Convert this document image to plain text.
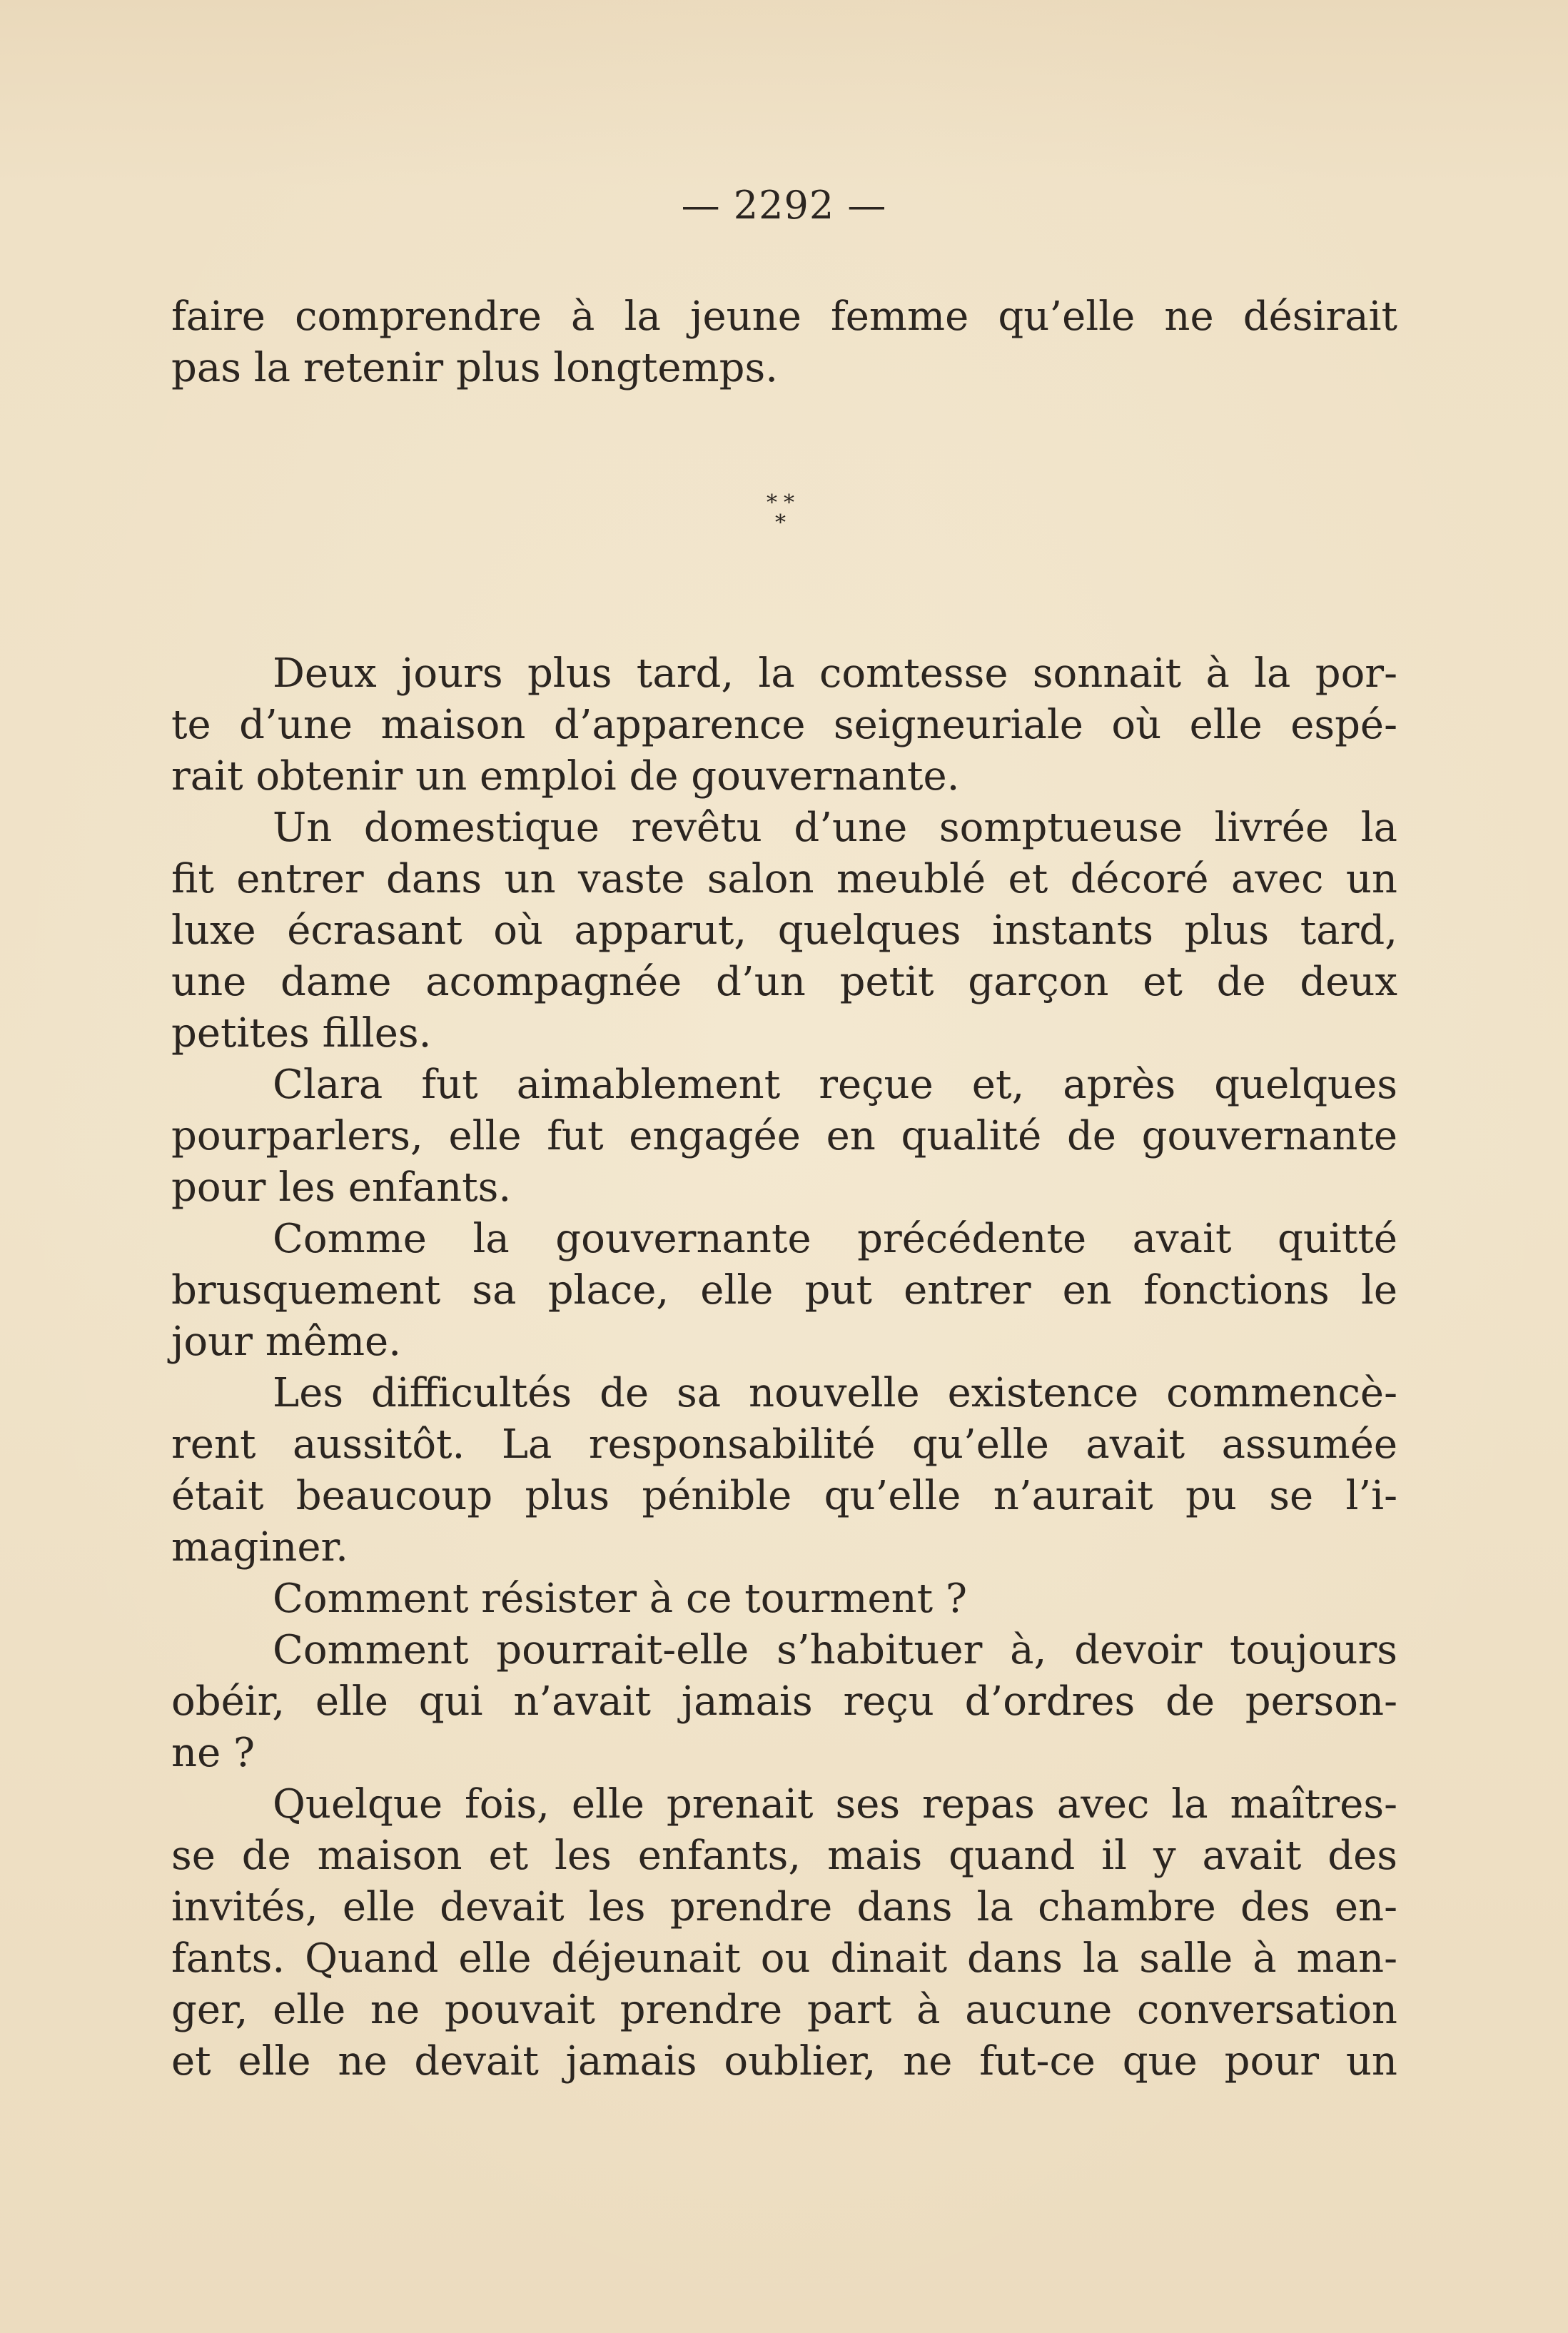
— 2292 —
faire comprendre à la jeune femme qu’elle ne désirait
pas la retenir plus longtemps.
* *
*
Deux jours plus tard, la comtesse sonnait à la por-
te d’une maison d’apparence seigneuriale où elle espé-
rait obtenir un emploi de gouvernante.
Un domestique revêtu d’une somptueuse livrée la
fit entrer dans un vaste salon meublé et décoré avec un
luxe écrasant où apparut, quelques instants plus tard,
une dame acompagnée d’un petit garçon et de deux
petites filles.
Clara fut aimablement reçue et, après quelques
pourparlers, elle fut engagée en qualité de gouvernante
pour les enfants.
Comme la gouvernante précédente avait quitté
brusquement sa place, elle put entrer en fonctions le
jour même.
Les difficultés de sa nouvelle existence commencè-
rent aussitôt. La responsabilité qu’elle avait assumée
était beaucoup plus pénible qu’elle n’aurait pu se l’i-
maginer.
Comment résister à ce tourment ?
Comment pourrait-elle s’habituer à, devoir toujours
obéir, elle qui n’avait jamais reçu d’ordres de person-
ne ?
Quelque fois, elle prenait ses repas avec la maîtres-
se de maison et les enfants, mais quand il y avait des
invités, elle devait les prendre dans la chambre des en-
fants. Quand elle déjeunait ou dinait dans la salle à man-
ger, elle ne pouvait prendre part à aucune conversation
et elle ne devait jamais oublier, ne fut-ce que pour un
